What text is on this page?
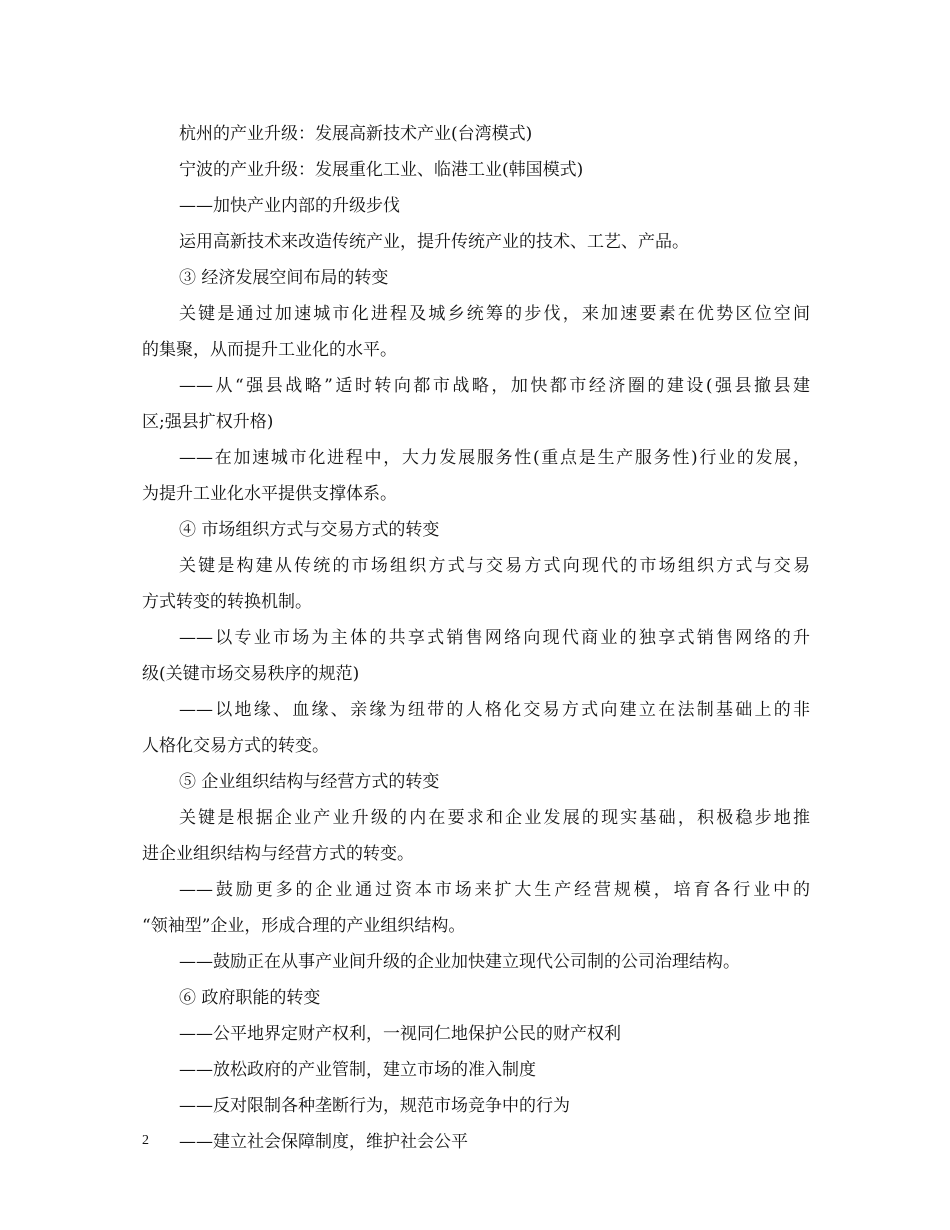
杭州的产业升级：发展高新技术产业(台湾模式)
宁波的产业升级：发展重化工业、临港工业(韩国模式)
——加快产业内部的升级步伐
运用高新技术来改造传统产业，提升传统产业的技术、工艺、产品。
③ 经济发展空间布局的转变
关键是通过加速城市化进程及城乡统筹的步伐，来加速要素在优势区位空间
的集聚，从而提升工业化的水平。
——从“强县战略”适时转向都市战略，加快都市经济圈的建设(强县撤县建
区;强县扩权升格)
——在加速城市化进程中，大力发展服务性(重点是生产服务性)行业的发展，
为提升工业化水平提供支撑体系。
④ 市场组织方式与交易方式的转变
关键是构建从传统的市场组织方式与交易方式向现代的市场组织方式与交易
方式转变的转换机制。
——以专业市场为主体的共享式销售网络向现代商业的独享式销售网络的升
级(关键市场交易秩序的规范)
——以地缘、血缘、亲缘为纽带的人格化交易方式向建立在法制基础上的非
人格化交易方式的转变。
⑤ 企业组织结构与经营方式的转变
关键是根据企业产业升级的内在要求和企业发展的现实基础，积极稳步地推
进企业组织结构与经营方式的转变。
——鼓励更多的企业通过资本市场来扩大生产经营规模，培育各行业中的
“领袖型”企业，形成合理的产业组织结构。
——鼓励正在从事产业间升级的企业加快建立现代公司制的公司治理结构。
⑥ 政府职能的转变
——公平地界定财产权利，一视同仁地保护公民的财产权利
——放松政府的产业管制，建立市场的准入制度
——反对限制各种垄断行为，规范市场竞争中的行为
——建立社会保障制度，维护社会公平
2
